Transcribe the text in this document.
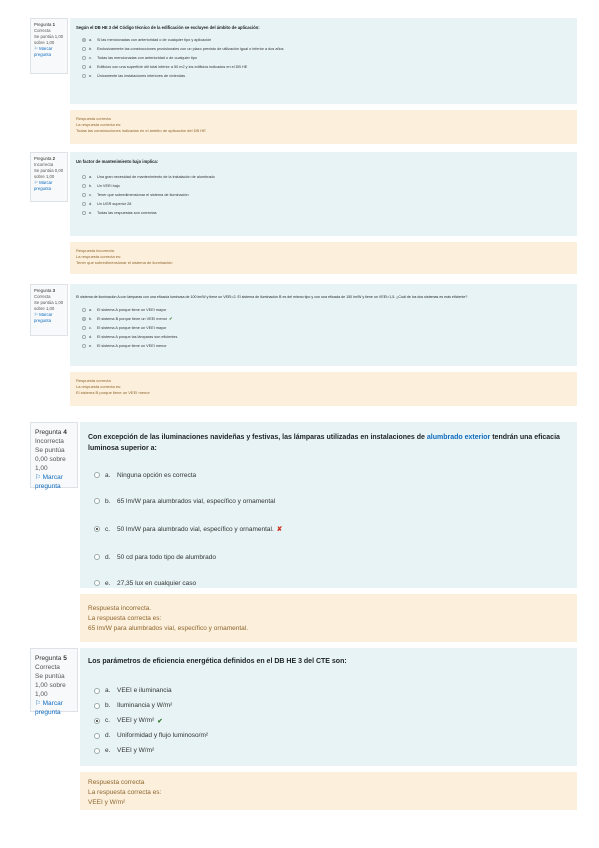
Pregunta 1
Correcta
Se puntúa 1,00 sobre 1,00
⚐ Marcar pregunta
Según el DB HE 3 del Código técnico de la edificación se excluyen del ámbito de aplicación:
a.	Si las mencionadas con anterioridad o de cualquier tipo y aplicación
b.	Exclusivamente las construcciones provisionales con un plazo previsto de utilización igual o inferior a dos años
c.	Todas las mencionadas con anterioridad o de cualquier tipo
d.	Edificios con una superficie útil total inferior a 50 m2 y los edificios indicados en el DB HE
e.	Únicamente las instalaciones interiores de viviendas
Respuesta correcta
La respuesta correcta es:
Todas las construcciones indicadas en el ámbito de aplicación del DB HE
Pregunta 2
Incorrecta
Se puntúa 0,00 sobre 1,00
⚐ Marcar pregunta
Un factor de mantenimiento bajo implica:
a.	Una gran necesidad de mantenimiento de la instalación de alumbrado
b.	Un VEEI bajo
c.	Tener que sobredimensionar el sistema de iluminación
d.	Un UGR superior 28
e.	Todas las respuestas son correctas
Respuesta incorrecta.
La respuesta correcta es:
Tener que sobredimensionar el sistema de iluminación
Pregunta 3
Correcta
Se puntúa 1,00 sobre 1,00
⚐ Marcar pregunta
El sistema de iluminación A con lámparas con una eficacia luminosa de 100 lm/W y tiene un VEEI=2. El sistema de iluminación B es del mismo tipo y con una eficacia de 150 lm/W y tiene un VEEI=1,5. ¿Cuál de los dos sistemas es más eficiente?
a.	El sistema A porque tiene un VEEI mayor
b.	El sistema B porque tiene un VEEI menor ✔
c.	El sistema A porque tiene un VEEI mayor
d.	El sistema A porque las lámparas son eficientes
e.	El sistema A porque tiene un VEEI menor
Respuesta correcta
La respuesta correcta es:
El sistema B porque tiene un VEEI menor
Pregunta 4
Incorrecta
Se puntúa 0,00 sobre 1,00
⚐ Marcar pregunta
Con excepción de las iluminaciones navideñas y festivas, las lámparas utilizadas en instalaciones de alumbrado exterior tendrán una eficacia luminosa superior a:
a.	Ninguna opción es correcta
b.	65 lm/W para alumbrados vial, específico y ornamental
c.	50 lm/W para alumbrado vial, específico y ornamental. ✘
d.	50 cd para todo tipo de alumbrado
e.	27,35 lux en cualquier caso
Respuesta incorrecta.
La respuesta correcta es:
65 lm/W para alumbrados vial, específico y ornamental.
Pregunta 5
Correcta
Se puntúa 1,00 sobre 1,00
⚐ Marcar pregunta
Los parámetros de eficiencia energética definidos en el DB HE 3 del CTE son:
a.	VEEI e iluminancia
b.	Iluminancia y W/m²
c.	VEEI y W/m² ✔
d.	Uniformidad y flujo luminoso/m²
e.	VEEI y W/m²
Respuesta correcta
La respuesta correcta es:
VEEI y W/m²
